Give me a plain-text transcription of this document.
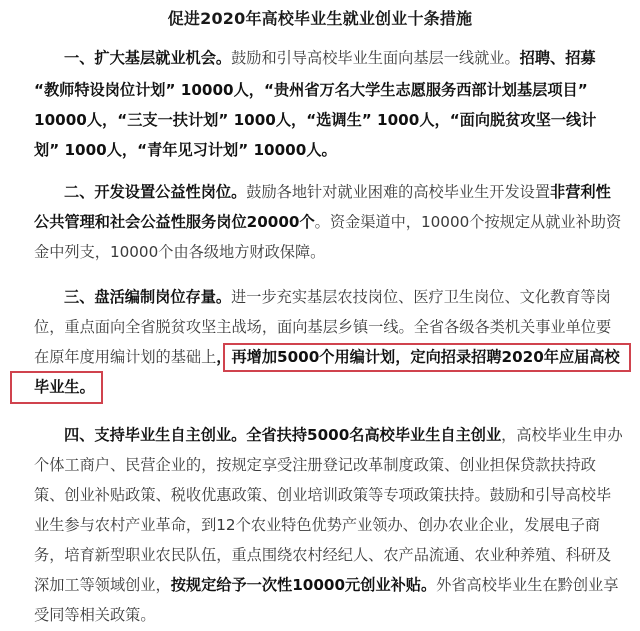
促进2020年高校毕业生就业创业十条措施
一、扩大基层就业机会。鼓励和引导高校毕业生面向基层一线就业。招聘、招募
“教师特设岗位计划” 10000人，“贵州省万名大学生志愿服务西部计划基层项目”
10000人，“三支一扶计划” 1000人，“选调生” 1000人，“面向脱贫攻坚一线计
划” 1000人，“青年见习计划” 10000人。
二、开发设置公益性岗位。鼓励各地针对就业困难的高校毕业生开发设置非营利性
公共管理和社会公益性服务岗位20000个。资金渠道中，10000个按规定从就业补助资
金中列支，10000个由各级地方财政保障。
三、盘活编制岗位存量。进一步充实基层农技岗位、医疗卫生岗位、文化教育等岗
位，重点面向全省脱贫攻坚主战场，面向基层乡镇一线。全省各级各类机关事业单位要
在原年度用编计划的基础上，再增加5000个用编计划，定向招录招聘2020年应届高校
毕业生。
四、支持毕业生自主创业。全省扶持5000名高校毕业生自主创业，高校毕业生申办
个体工商户、民营企业的，按规定享受注册登记改革制度政策、创业担保贷款扶持政
策、创业补贴政策、税收优惠政策、创业培训政策等专项政策扶持。鼓励和引导高校毕
业生参与农村产业革命，到12个农业特色优势产业领办、创办农业企业，发展电子商
务，培育新型职业农民队伍，重点围绕农村经纪人、农产品流通、农业种养殖、科研及
深加工等领域创业，按规定给予一次性10000元创业补贴。外省高校毕业生在黔创业享
受同等相关政策。
